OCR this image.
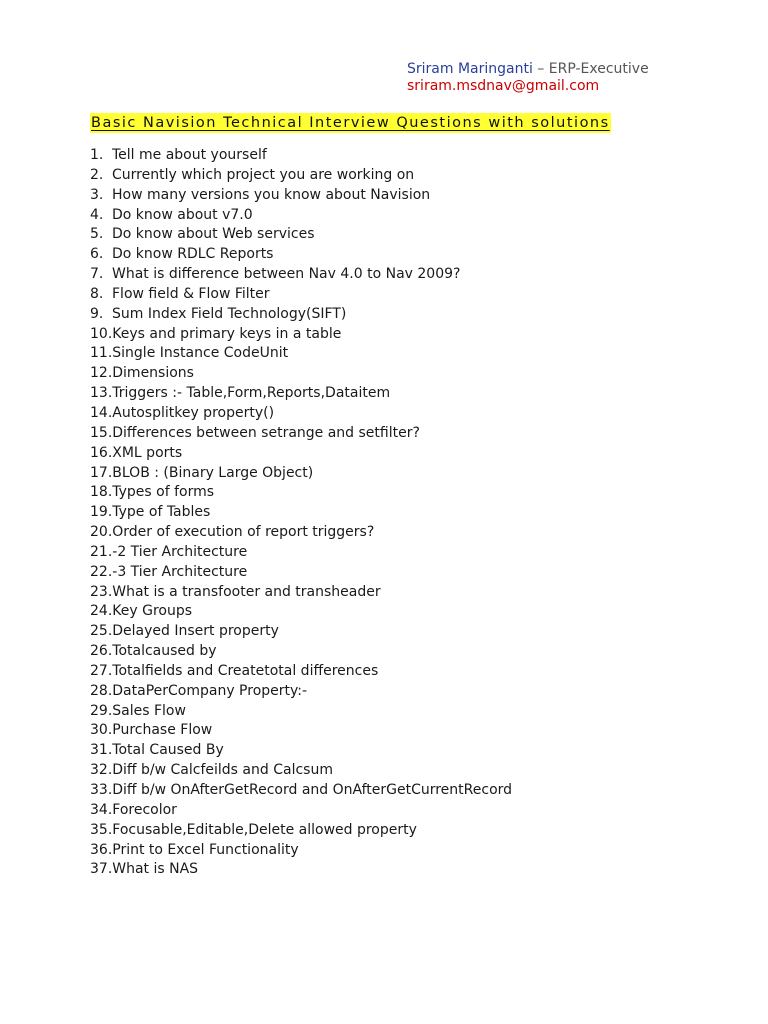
Sriram Maringanti – ERP-Executive
sriram.msdnav@gmail.com
Basic Navision Technical Interview Questions with solutions
1. Tell me about yourself
2. Currently which project you are working on
3. How many versions you know about Navision
4. Do know about v7.0
5. Do know about Web services
6. Do know RDLC Reports
7. What is difference between Nav 4.0 to Nav 2009?
8. Flow field & Flow Filter
9. Sum Index Field Technology(SIFT)
10.Keys and primary keys in a table
11.Single Instance CodeUnit
12.Dimensions
13.Triggers :- Table,Form,Reports,Dataitem
14.Autosplitkey property()
15.Differences between setrange and setfilter?
16.XML ports
17.BLOB : (Binary Large Object)
18.Types of forms
19.Type of Tables
20.Order of execution of report triggers?
21.-2 Tier Architecture
22.-3 Tier Architecture
23.What is a transfooter and transheader
24.Key Groups
25.Delayed Insert property
26.Totalcaused by
27.Totalfields and Createtotal differences
28.DataPerCompany Property:-
29.Sales Flow
30.Purchase Flow
31.Total Caused By
32.Diff b/w Calcfeilds and Calcsum
33.Diff b/w OnAfterGetRecord and OnAfterGetCurrentRecord
34.Forecolor
35.Focusable,Editable,Delete allowed property
36.Print to Excel Functionality
37.What is NAS
